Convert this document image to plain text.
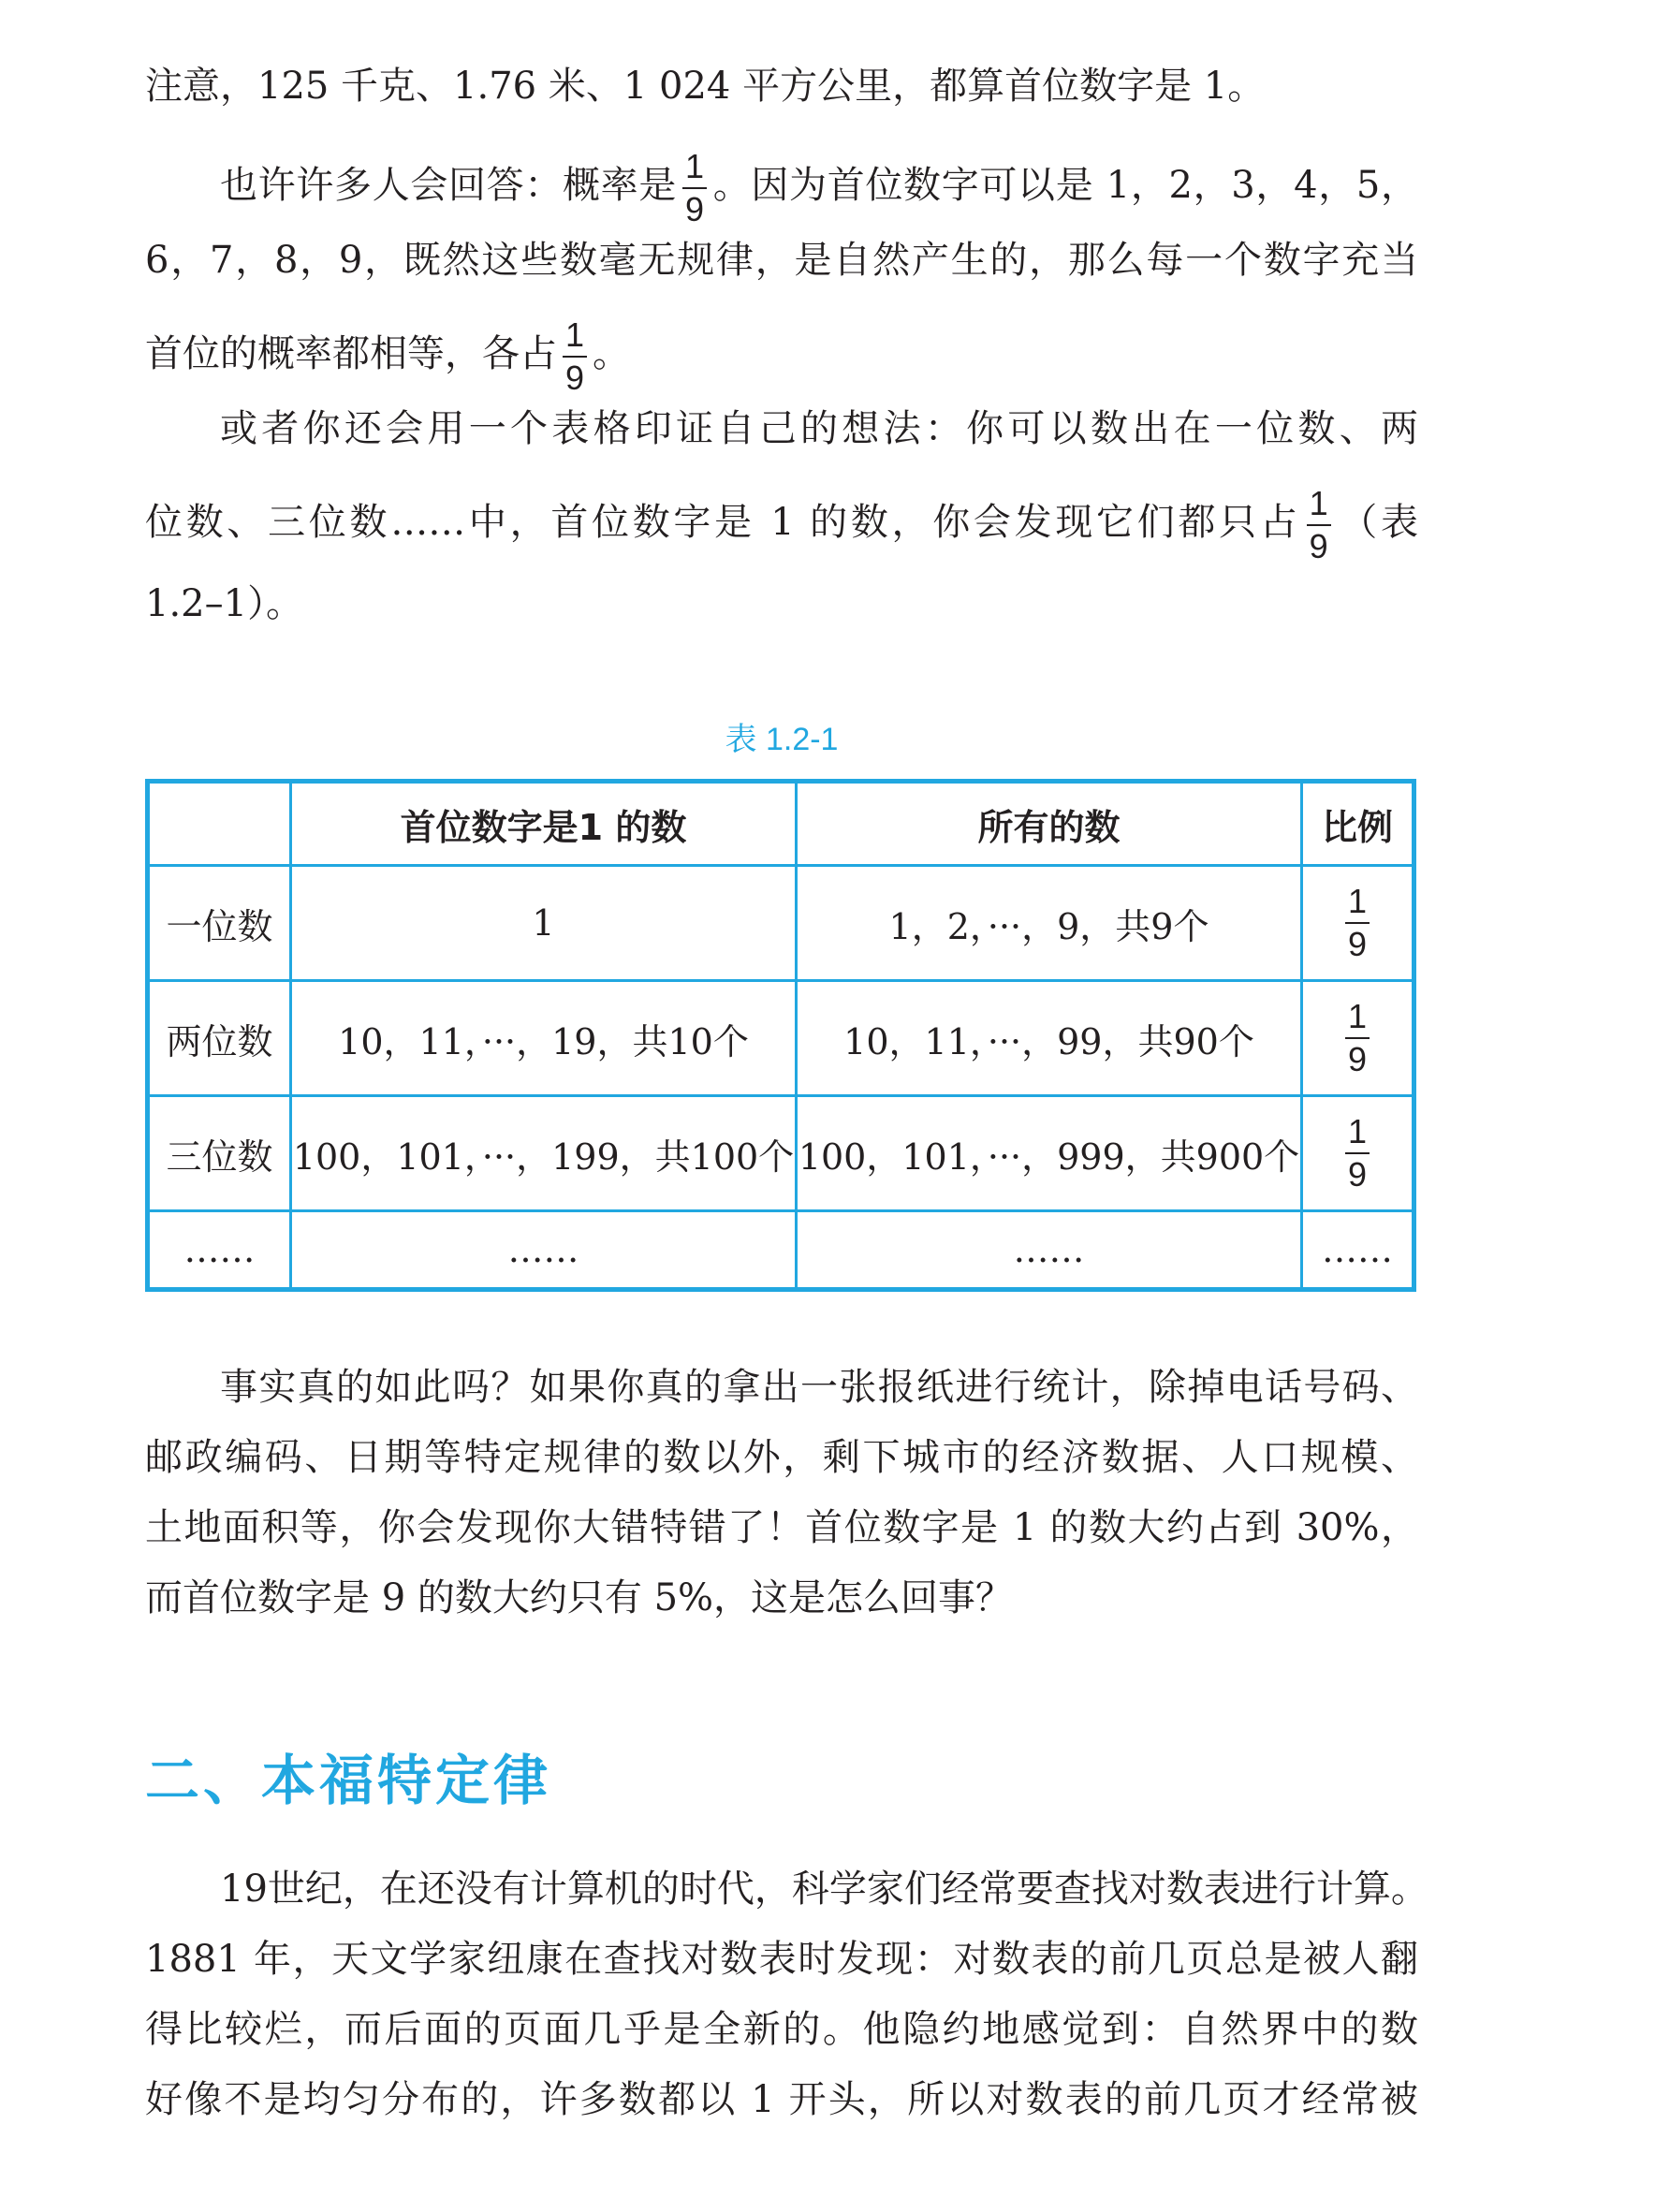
注意，125 千克、1.76 米、1 024 平方公里，都算首位数字是 1。
也许许多人会回答：概率是 $\frac{1}{9}$ 。因为首位数字可以是 1，2，3，4，5，
6，7，8，9，既然这些数毫无规律，是自然产生的，那么每一个数字充当
首位的概率都相等，各占 $\frac{1}{9}$ 。
或者你还会用一个表格印证自己的想法：你可以数出在一位数、两
位数、三位数……中，首位数字是 1 的数，你会发现它们都只占 $\frac{1}{9}$ （表
1.2–1）。
表 1.2-1
	首位数字是1 的数	所有的数	比例
一位数	1	1，2，···，9，共9个	$\frac{1}{9}$

两位数	10，11，···，19，共10个	10，11，···，99，共90个	$\frac{1}{9}$

三位数	100，101，···，199，共100个	100，101，···，999，共900个	$\frac{1}{9}$

……	……	……	……
事实真的如此吗？如果你真的拿出一张报纸进行统计，除掉电话号码、
邮政编码、日期等特定规律的数以外，剩下城市的经济数据、人口规模、
土地面积等，你会发现你大错特错了！首位数字是 1 的数大约占到 30%，
而首位数字是 9 的数大约只有 5%，这是怎么回事？
二、本福特定律
19世纪，在还没有计算机的时代，科学家们经常要查找对数表进行计算。
1881 年，天文学家纽康在查找对数表时发现：对数表的前几页总是被人翻
得比较烂，而后面的页面几乎是全新的。他隐约地感觉到：自然界中的数
好像不是均匀分布的，许多数都以 1 开头，所以对数表的前几页才经常被
